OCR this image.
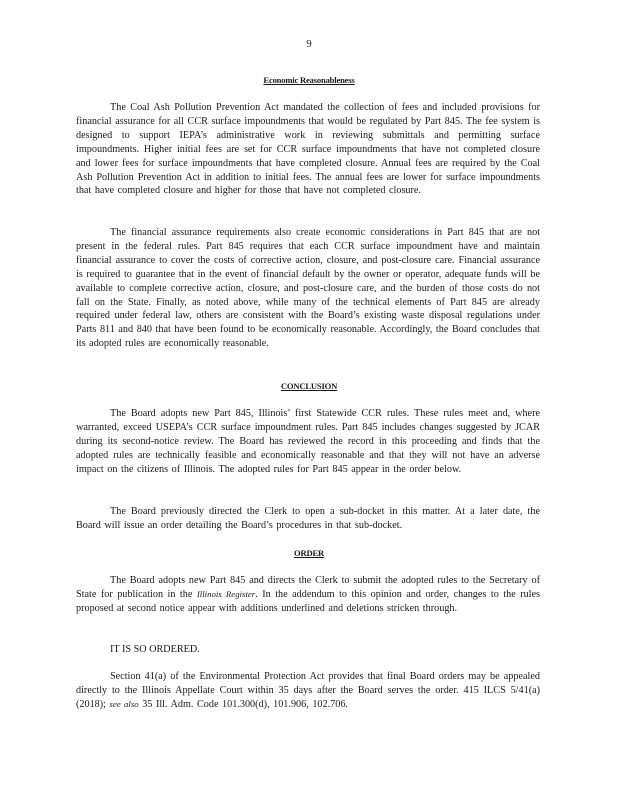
9
Economic Reasonableness

The Coal Ash Pollution Prevention Act mandated the collection of fees and included provisions for financial assurance for all CCR surface impoundments that would be regulated by Part 845. The fee system is designed to support IEPA’s administrative work in reviewing submittals and permitting surface impoundments. Higher initial fees are set for CCR surface impoundments that have not completed closure and lower fees for surface impoundments that have completed closure. Annual fees are required by the Coal Ash Pollution Prevention Act in addition to initial fees. The annual fees are lower for surface impoundments that have completed closure and higher for those that have not completed closure.

The financial assurance requirements also create economic considerations in Part 845 that are not present in the federal rules. Part 845 requires that each CCR surface impoundment have and maintain financial assurance to cover the costs of corrective action, closure, and post-closure care. Financial assurance is required to guarantee that in the event of financial default by the owner or operator, adequate funds will be available to complete corrective action, closure, and post-closure care, and the burden of those costs do not fall on the State. Finally, as noted above, while many of the technical elements of Part 845 are already required under federal law, others are consistent with the Board’s existing waste disposal regulations under Parts 811 and 840 that have been found to be economically reasonable. Accordingly, the Board concludes that its adopted rules are economically reasonable.

CONCLUSION

The Board adopts new Part 845, Illinois’ first Statewide CCR rules. These rules meet and, where warranted, exceed USEPA’s CCR surface impoundment rules. Part 845 includes changes suggested by JCAR during its second-notice review. The Board has reviewed the record in this proceeding and finds that the adopted rules are technically feasible and economically reasonable and that they will not have an adverse impact on the citizens of Illinois. The adopted rules for Part 845 appear in the order below.

The Board previously directed the Clerk to open a sub-docket in this matter. At a later date, the Board will issue an order detailing the Board’s procedures in that sub-docket.

ORDER

The Board adopts new Part 845 and directs the Clerk to submit the adopted rules to the Secretary of State for publication in the Illinois Register. In the addendum to this opinion and order, changes to the rules proposed at second notice appear with additions underlined and deletions stricken through.

IT IS SO ORDERED.

Section 41(a) of the Environmental Protection Act provides that final Board orders may be appealed directly to the Illinois Appellate Court within 35 days after the Board serves the order. 415 ILCS 5/41(a) (2018); see also 35 Ill. Adm. Code 101.300(d), 101.906, 102.706.
